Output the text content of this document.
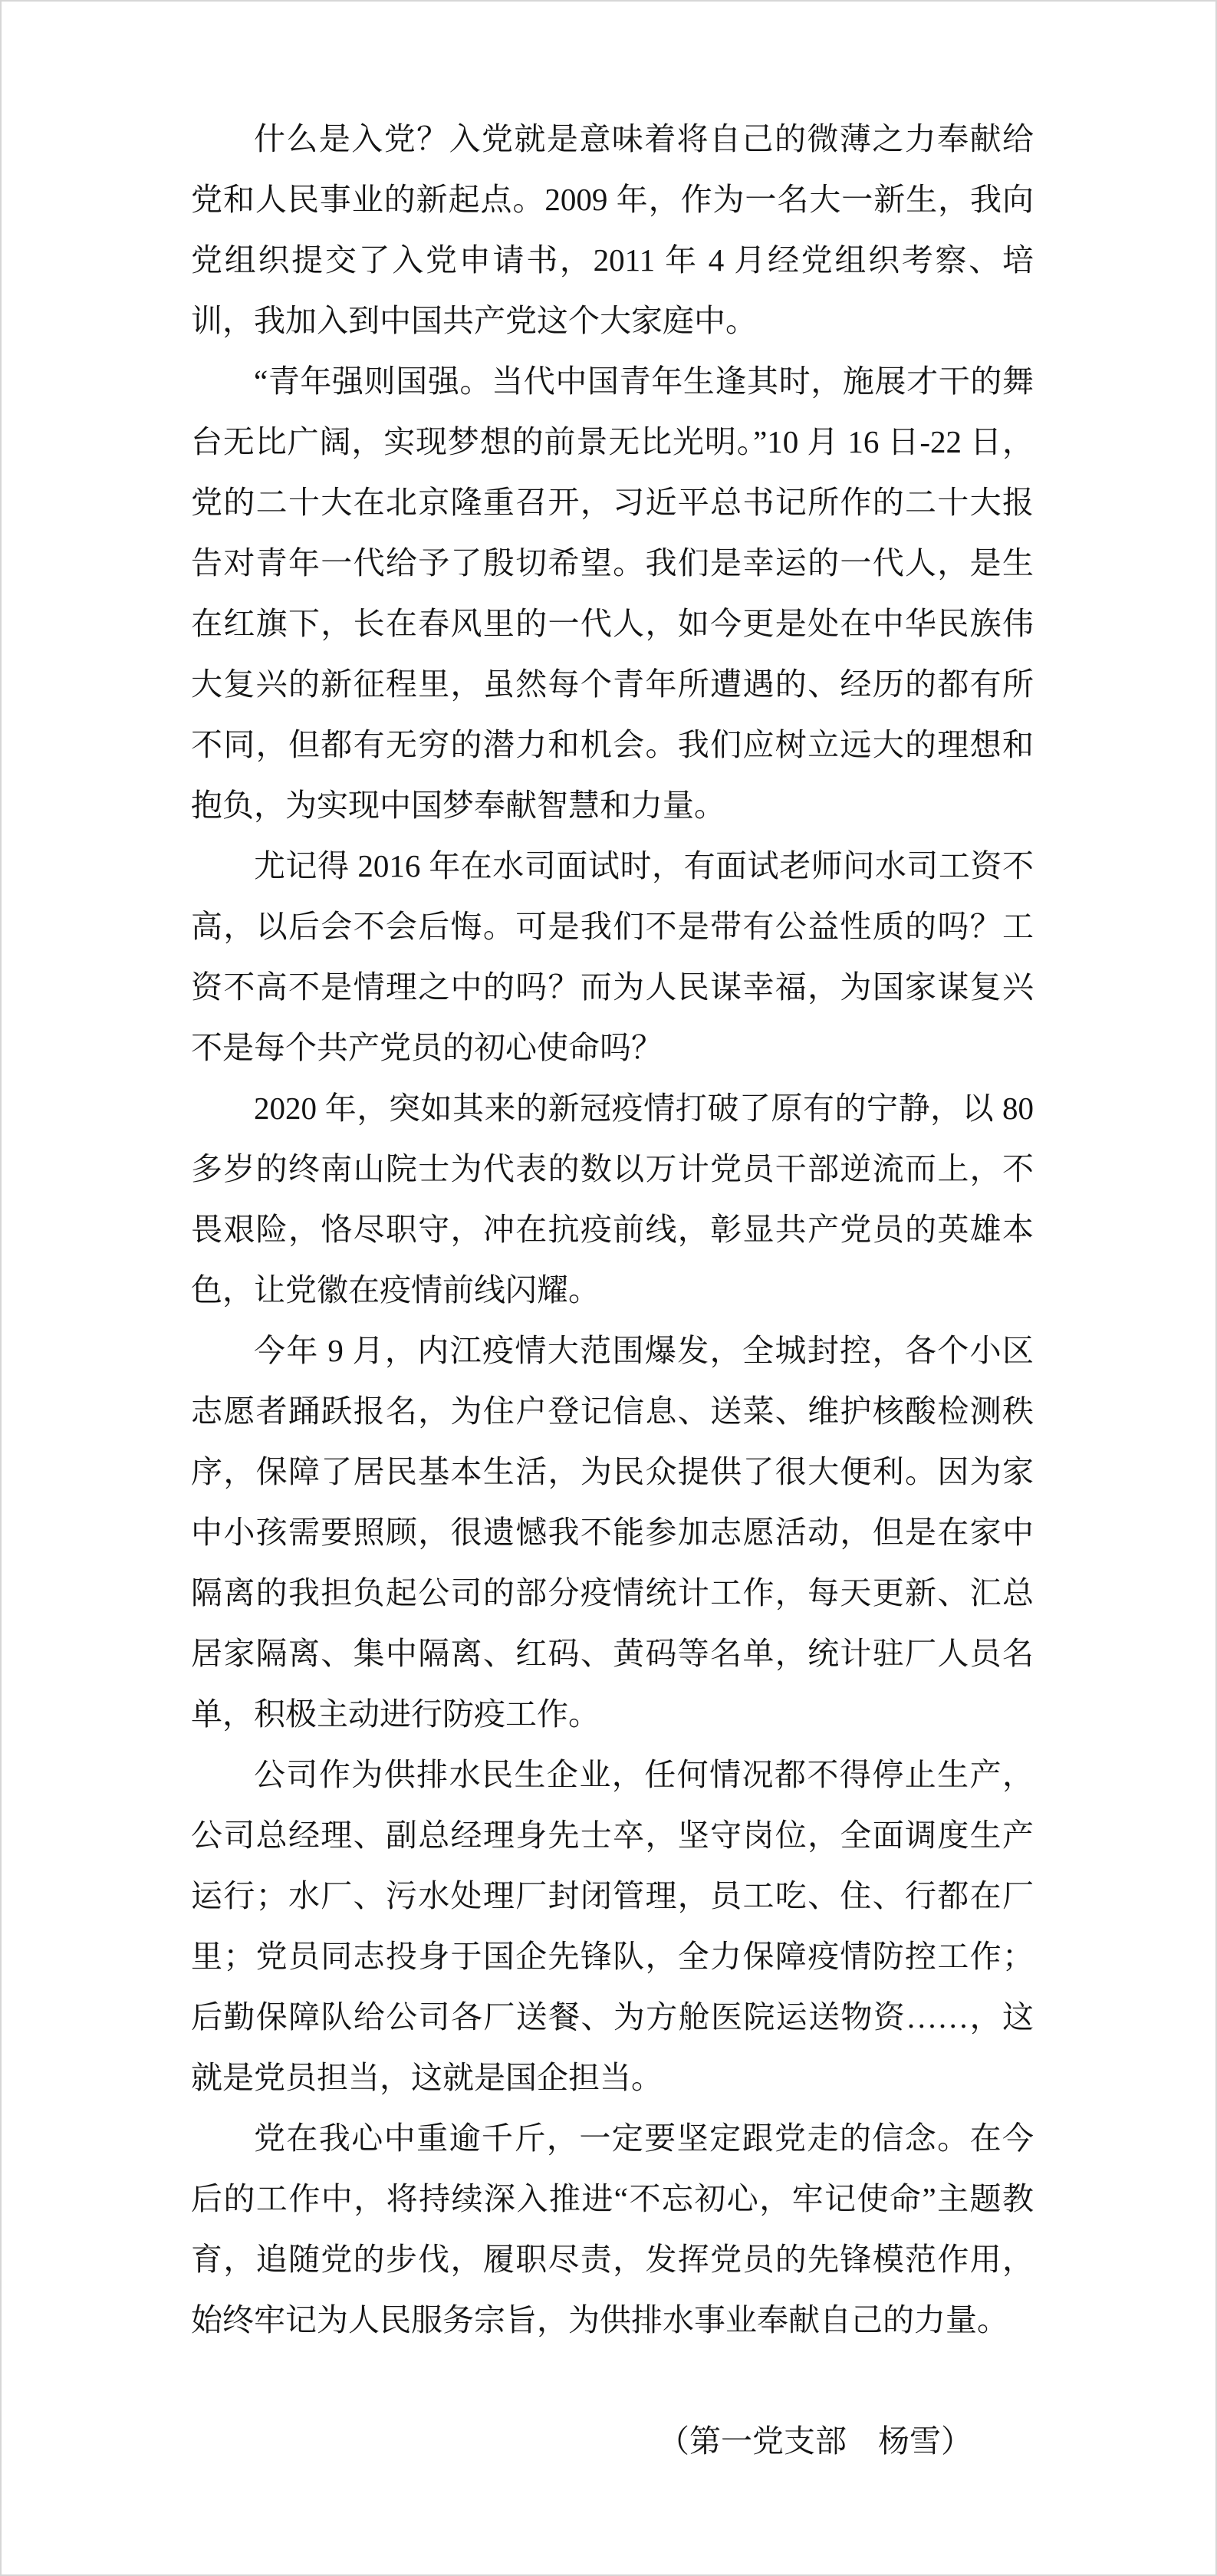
什么是入党？入党就是意味着将自己的微薄之力奉献给党和人民事业的新起点。2009 年，作为一名大一新生，我向党组织提交了入党申请书，2011 年 4 月经党组织考察、培训，我加入到中国共产党这个大家庭中。

“青年强则国强。当代中国青年生逢其时，施展才干的舞台无比广阔，实现梦想的前景无比光明。”10 月 16 日-22 日，党的二十大在北京隆重召开，习近平总书记所作的二十大报告对青年一代给予了殷切希望。我们是幸运的一代人，是生在红旗下，长在春风里的一代人，如今更是处在中华民族伟大复兴的新征程里，虽然每个青年所遭遇的、经历的都有所不同，但都有无穷的潜力和机会。我们应树立远大的理想和抱负，为实现中国梦奉献智慧和力量。

尤记得 2016 年在水司面试时，有面试老师问水司工资不高，以后会不会后悔。可是我们不是带有公益性质的吗？工资不高不是情理之中的吗？而为人民谋幸福，为国家谋复兴不是每个共产党员的初心使命吗？

2020 年，突如其来的新冠疫情打破了原有的宁静，以 80 多岁的终南山院士为代表的数以万计党员干部逆流而上，不畏艰险，恪尽职守，冲在抗疫前线，彰显共产党员的英雄本色，让党徽在疫情前线闪耀。

今年 9 月，内江疫情大范围爆发，全城封控，各个小区志愿者踊跃报名，为住户登记信息、送菜、维护核酸检测秩序，保障了居民基本生活，为民众提供了很大便利。因为家中小孩需要照顾，很遗憾我不能参加志愿活动，但是在家中隔离的我担负起公司的部分疫情统计工作，每天更新、汇总居家隔离、集中隔离、红码、黄码等名单，统计驻厂人员名单，积极主动进行防疫工作。

公司作为供排水民生企业，任何情况都不得停止生产，公司总经理、副总经理身先士卒，坚守岗位，全面调度生产运行；水厂、污水处理厂封闭管理，员工吃、住、行都在厂里；党员同志投身于国企先锋队，全力保障疫情防控工作；后勤保障队给公司各厂送餐、为方舱医院运送物资……，这就是党员担当，这就是国企担当。

党在我心中重逾千斤，一定要坚定跟党走的信念。在今后的工作中，将持续深入推进“不忘初心，牢记使命”主题教育，追随党的步伐，履职尽责，发挥党员的先锋模范作用，始终牢记为人民服务宗旨，为供排水事业奉献自己的力量。

（第一党支部　杨雪）
